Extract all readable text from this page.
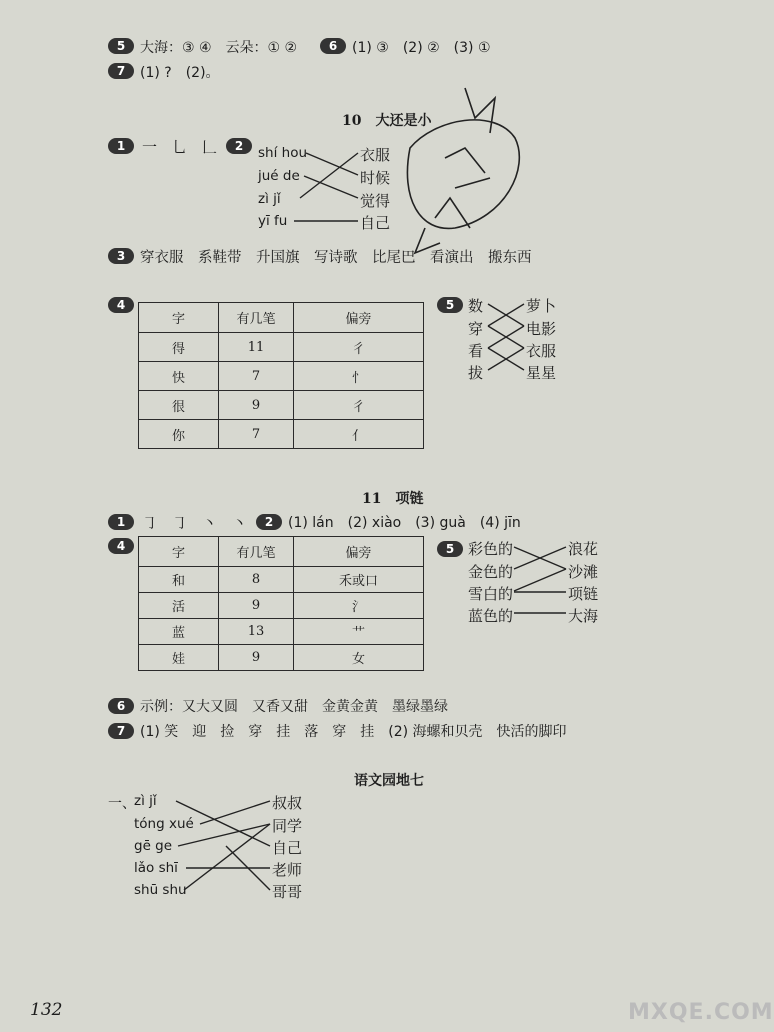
5	大海：③ ④　云朵：① ②	6	(1) ③　(2) ②　(3) ①
7	(1) ?　(2)。
10　大还是小
1	一　乚　𠃊	2	shí hou
jué de
zì jǐ
yī fu
衣服
时候
觉得
自己
3	穿衣服　系鞋带　升国旗　写诗歌　比尾巴　看演出　搬东西
4
字	有几笔	偏旁
得	11	彳
快	7	忄
很	9	彳
你	7	亻
5 数
穿
看
拔
萝卜
电影
衣服
星星
11　项链
1	㇆　㇆　丶　丶	2	(1) lán　(2) xiào　(3) guà　(4) jīn
4	字	有几笔	偏旁
和	8	禾或口
活	9	氵
蓝	13	艹
娃	9	女
5 彩色的
金色的
雪白的
蓝色的
浪花
沙滩
项链
大海
6	示例：又大又圆　又香又甜　金黄金黄　墨绿墨绿
7	(1) 笑　迎　捡　穿　挂　落　穿　挂　(2) 海螺和贝壳　快活的脚印
语文园地七
一、
zì jǐ
tóng xué
gē ge
lǎo shī
shū shu
叔叔
同学
自己
老师
哥哥
132	MXQE.COM
